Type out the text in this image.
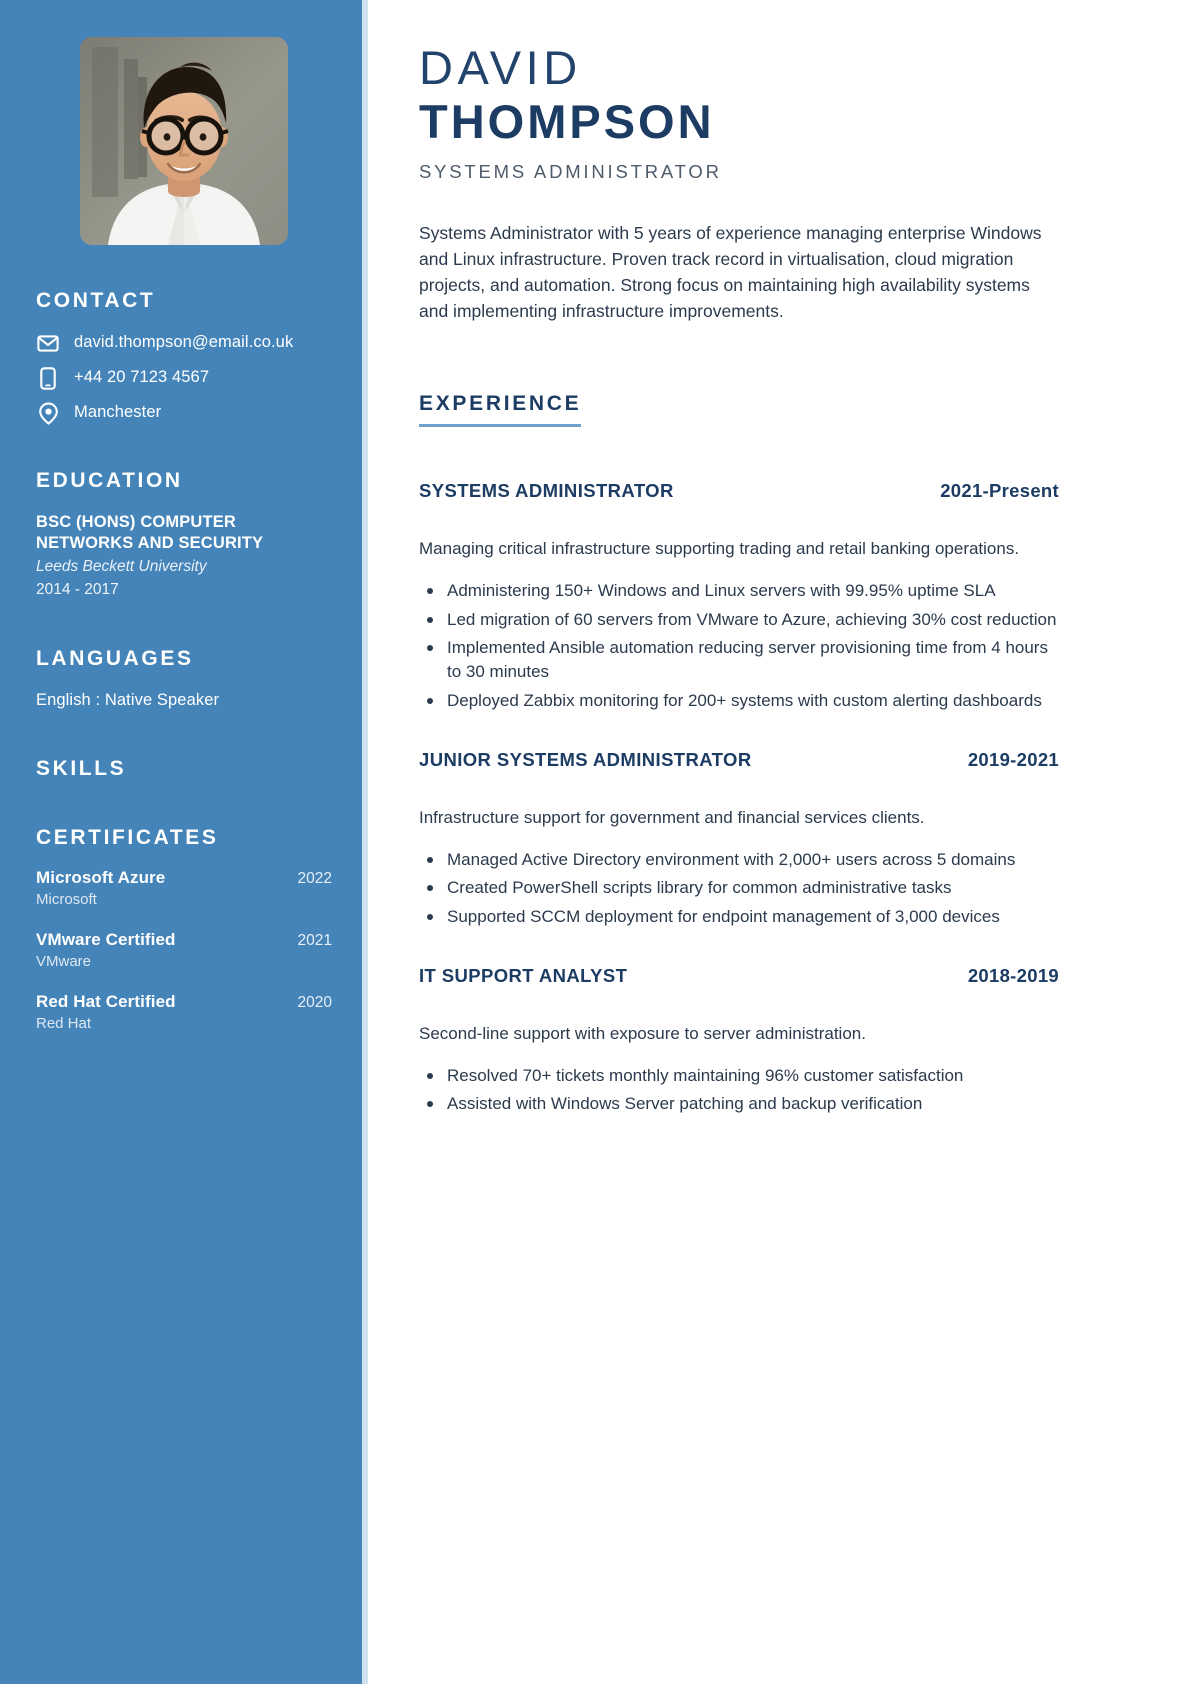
CONTACT
david.thompson@email.co.uk
+44 20 7123 4567
Manchester
EDUCATION
BSC (HONS) COMPUTER NETWORKS AND SECURITY
Leeds Beckett University
2014 - 2017
LANGUAGES
English : Native Speaker
SKILLS
CERTIFICATES
Microsoft Azure	2022
Microsoft
VMware Certified	2021
VMware
Red Hat Certified	2020
Red Hat
DAVID
THOMPSON
SYSTEMS ADMINISTRATOR

Systems Administrator with 5 years of experience managing enterprise Windows and Linux infrastructure. Proven track record in virtualisation, cloud migration projects, and automation. Strong focus on maintaining high availability systems and implementing infrastructure improvements.

EXPERIENCE
SYSTEMS ADMINISTRATOR	2021-Present

Managing critical infrastructure supporting trading and retail banking operations.

Administering 150+ Windows and Linux servers with 99.95% uptime SLA
Led migration of 60 servers from VMware to Azure, achieving 30% cost reduction
Implemented Ansible automation reducing server provisioning time from 4 hours to 30 minutes
Deployed Zabbix monitoring for 200+ systems with custom alerting dashboards
JUNIOR SYSTEMS ADMINISTRATOR	2019-2021

Infrastructure support for government and financial services clients.

Managed Active Directory environment with 2,000+ users across 5 domains
Created PowerShell scripts library for common administrative tasks
Supported SCCM deployment for endpoint management of 3,000 devices
IT SUPPORT ANALYST	2018-2019

Second-line support with exposure to server administration.

Resolved 70+ tickets monthly maintaining 96% customer satisfaction
Assisted with Windows Server patching and backup verification
